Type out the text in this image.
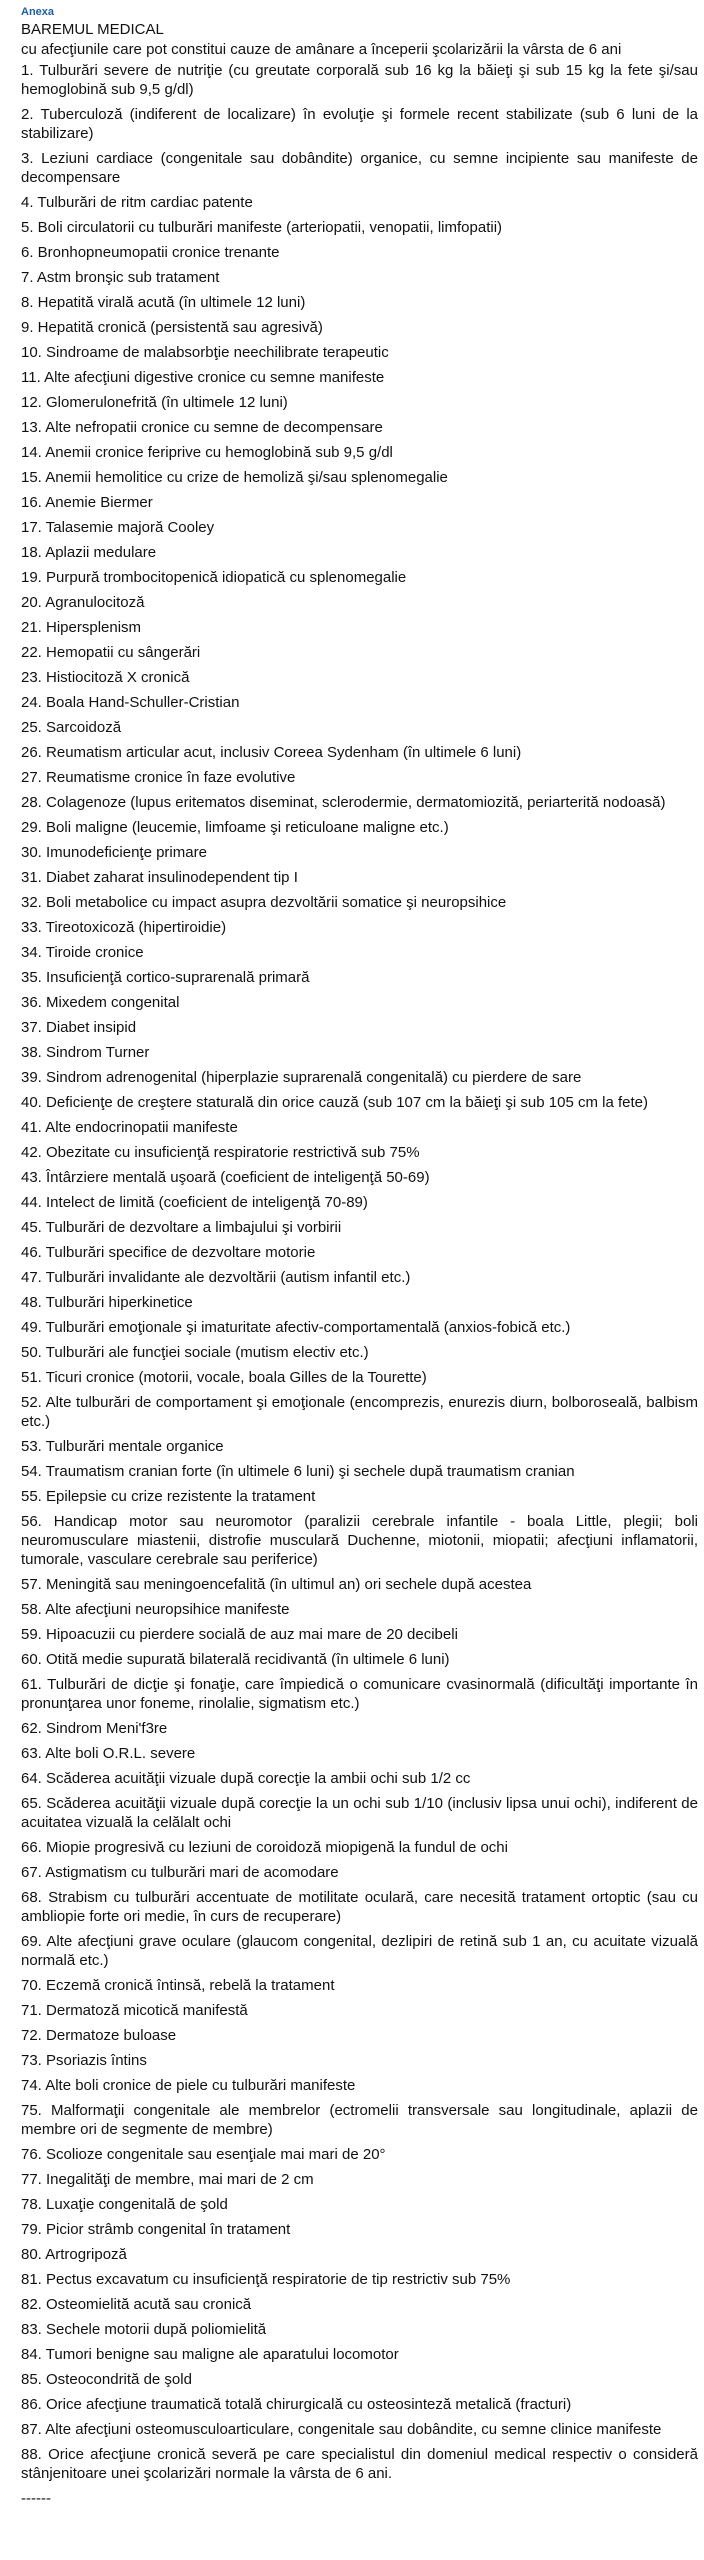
Anexa
BAREMUL MEDICAL
cu afecţiunile care pot constitui cauze de amânare a începerii şcolarizării la vârsta de 6 ani

1. Tulburări severe de nutriţie (cu greutate corporală sub 16 kg la băieţi şi sub 15 kg la fete şi/sau hemoglobină sub 9,5 g/dl)

2. Tuberculoză (indiferent de localizare) în evoluţie şi formele recent stabilizate (sub 6 luni de la stabilizare)

3. Leziuni cardiace (congenitale sau dobândite) organice, cu semne incipiente sau manifeste de decompensare

4. Tulburări de ritm cardiac patente

5. Boli circulatorii cu tulburări manifeste (arteriopatii, venopatii, limfopatii)

6. Bronhopneumopatii cronice trenante

7. Astm bronşic sub tratament

8. Hepatită virală acută (în ultimele 12 luni)

9. Hepatită cronică (persistentă sau agresivă)

10. Sindroame de malabsorbţie neechilibrate terapeutic

11. Alte afecţiuni digestive cronice cu semne manifeste

12. Glomerulonefrită (în ultimele 12 luni)

13. Alte nefropatii cronice cu semne de decompensare

14. Anemii cronice feriprive cu hemoglobină sub 9,5 g/dl

15. Anemii hemolitice cu crize de hemoliză şi/sau splenomegalie

16. Anemie Biermer

17. Talasemie majoră Cooley

18. Aplazii medulare

19. Purpură trombocitopenică idiopatică cu splenomegalie

20. Agranulocitoză

21. Hipersplenism

22. Hemopatii cu sângerări

23. Histiocitoză X cronică

24. Boala Hand-Schuller-Cristian

25. Sarcoidoză

26. Reumatism articular acut, inclusiv Coreea Sydenham (în ultimele 6 luni)

27. Reumatisme cronice în faze evolutive

28. Colagenoze (lupus eritematos diseminat, sclerodermie, dermatomiozită, periarterită nodoasă)

29. Boli maligne (leucemie, limfoame şi reticuloane maligne etc.)

30. Imunodeficienţe primare

31. Diabet zaharat insulinodependent tip I

32. Boli metabolice cu impact asupra dezvoltării somatice şi neuropsihice

33. Tireotoxicoză (hipertiroidie)

34. Tiroide cronice

35. Insuficienţă cortico-suprarenală primară

36. Mixedem congenital

37. Diabet insipid

38. Sindrom Turner

39. Sindrom adrenogenital (hiperplazie suprarenală congenitală) cu pierdere de sare

40. Deficienţe de creştere staturală din orice cauză (sub 107 cm la băieţi şi sub 105 cm la fete)

41. Alte endocrinopatii manifeste

42. Obezitate cu insuficienţă respiratorie restrictivă sub 75%

43. Întârziere mentală uşoară (coeficient de inteligenţă 50-69)

44. Intelect de limită (coeficient de inteligenţă 70-89)

45. Tulburări de dezvoltare a limbajului şi vorbirii

46. Tulburări specifice de dezvoltare motorie

47. Tulburări invalidante ale dezvoltării (autism infantil etc.)

48. Tulburări hiperkinetice

49. Tulburări emoţionale şi imaturitate afectiv-comportamentală (anxios-fobică etc.)

50. Tulburări ale funcţiei sociale (mutism electiv etc.)

51. Ticuri cronice (motorii, vocale, boala Gilles de la Tourette)

52. Alte tulburări de comportament şi emoţionale (encomprezis, enurezis diurn, bolboroseală, balbism etc.)

53. Tulburări mentale organice

54. Traumatism cranian forte (în ultimele 6 luni) şi sechele după traumatism cranian

55. Epilepsie cu crize rezistente la tratament

56. Handicap motor sau neuromotor (paralizii cerebrale infantile - boala Little, plegii; boli neuromusculare miastenii, distrofie musculară Duchenne, miotonii, miopatii; afecţiuni inflamatorii, tumorale, vasculare cerebrale sau periferice)

57. Meningită sau meningoencefalită (în ultimul an) ori sechele după acestea

58. Alte afecţiuni neuropsihice manifeste

59. Hipoacuzii cu pierdere socială de auz mai mare de 20 decibeli

60. Otită medie supurată bilaterală recidivantă (în ultimele 6 luni)

61. Tulburări de dicţie şi fonaţie, care împiedică o comunicare cvasinormală (dificultăţi importante în pronunţarea unor foneme, rinolalie, sigmatism etc.)

62. Sindrom Meni'f3re

63. Alte boli O.R.L. severe

64. Scăderea acuităţii vizuale după corecţie la ambii ochi sub 1/2 cc

65. Scăderea acuităţii vizuale după corecţie la un ochi sub 1/10 (inclusiv lipsa unui ochi), indiferent de acuitatea vizuală la celălalt ochi

66. Miopie progresivă cu leziuni de coroidoză miopigenă la fundul de ochi

67. Astigmatism cu tulburări mari de acomodare

68. Strabism cu tulburări accentuate de motilitate oculară, care necesită tratament ortoptic (sau cu ambliopie forte ori medie, în curs de recuperare)

69. Alte afecţiuni grave oculare (glaucom congenital, dezlipiri de retină sub 1 an, cu acuitate vizuală normală etc.)

70. Eczemă cronică întinsă, rebelă la tratament

71. Dermatoză micotică manifestă

72. Dermatoze buloase

73. Psoriazis întins

74. Alte boli cronice de piele cu tulburări manifeste

75. Malformaţii congenitale ale membrelor (ectromelii transversale sau longitudinale, aplazii de membre ori de segmente de membre)

76. Scolioze congenitale sau esenţiale mai mari de 20°

77. Inegalităţi de membre, mai mari de 2 cm

78. Luxaţie congenitală de şold

79. Picior strâmb congenital în tratament

80. Artrogripoză

81. Pectus excavatum cu insuficienţă respiratorie de tip restrictiv sub 75%

82. Osteomielită acută sau cronică

83. Sechele motorii după poliomielită

84. Tumori benigne sau maligne ale aparatului locomotor

85. Osteocondrită de şold

86. Orice afecţiune traumatică totală chirurgicală cu osteosinteză metalică (fracturi)

87. Alte afecţiuni osteomusculoarticulare, congenitale sau dobândite, cu semne clinice manifeste

88. Orice afecţiune cronică severă pe care specialistul din domeniul medical respectiv o consideră stânjenitoare unei şcolarizări normale la vârsta de 6 ani.

------
